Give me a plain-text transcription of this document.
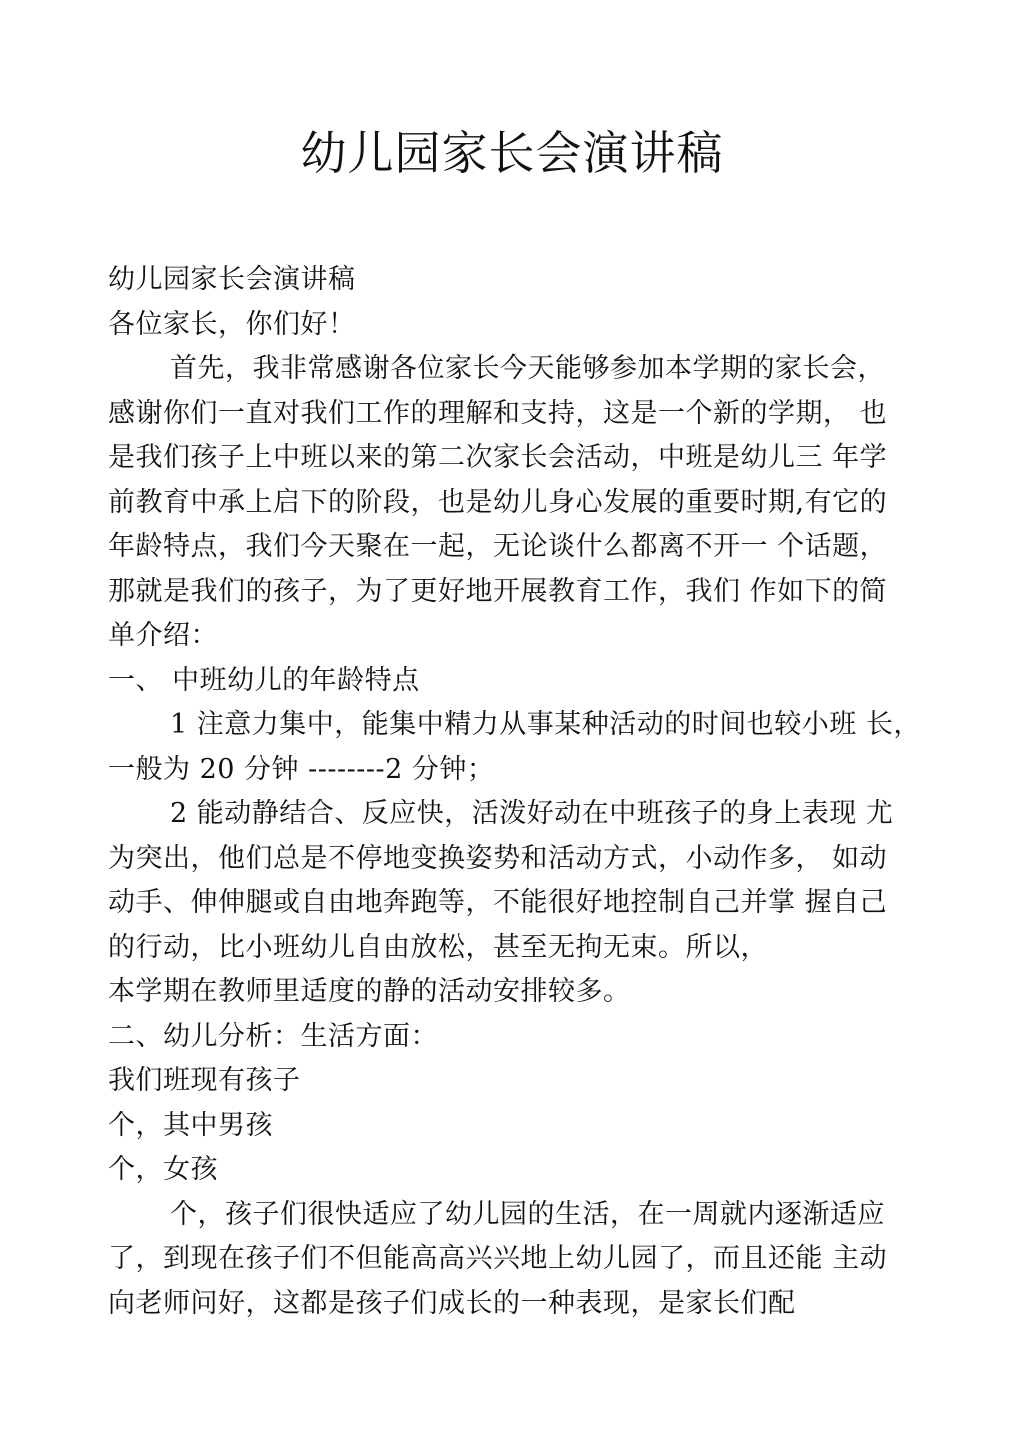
幼儿园家长会演讲稿
幼儿园家长会演讲稿
各位家长，你们好！
首先，我非常感谢各位家长今天能够参加本学期的家长会，
感谢你们一直对我们工作的理解和支持，这是一个新的学期， 也
是我们孩子上中班以来的第二次家长会活动，中班是幼儿三 年学
前教育中承上启下的阶段，也是幼儿身心发展的重要时期,有它的
年龄特点，我们今天聚在一起，无论谈什么都离不开一 个话题，
那就是我们的孩子，为了更好地开展教育工作，我们 作如下的简
单介绍：
一、 中班幼儿的年龄特点
1 注意力集中，能集中精力从事某种活动的时间也较小班 长，
一般为 20 分钟 --------2 分钟；
2 能动静结合、反应快，活泼好动在中班孩子的身上表现 尤
为突出，他们总是不停地变换姿势和活动方式，小动作多， 如动
动手、伸伸腿或自由地奔跑等，不能很好地控制自己并掌 握自己
的行动，比小班幼儿自由放松，甚至无拘无束。所以，
本学期在教师里适度的静的活动安排较多。
二、幼儿分析：生活方面：
我们班现有孩子
个，其中男孩
个，女孩
个，孩子们很快适应了幼儿园的生活，在一周就内逐渐适应
了，到现在孩子们不但能高高兴兴地上幼儿园了，而且还能 主动
向老师问好，这都是孩子们成长的一种表现，是家长们配
